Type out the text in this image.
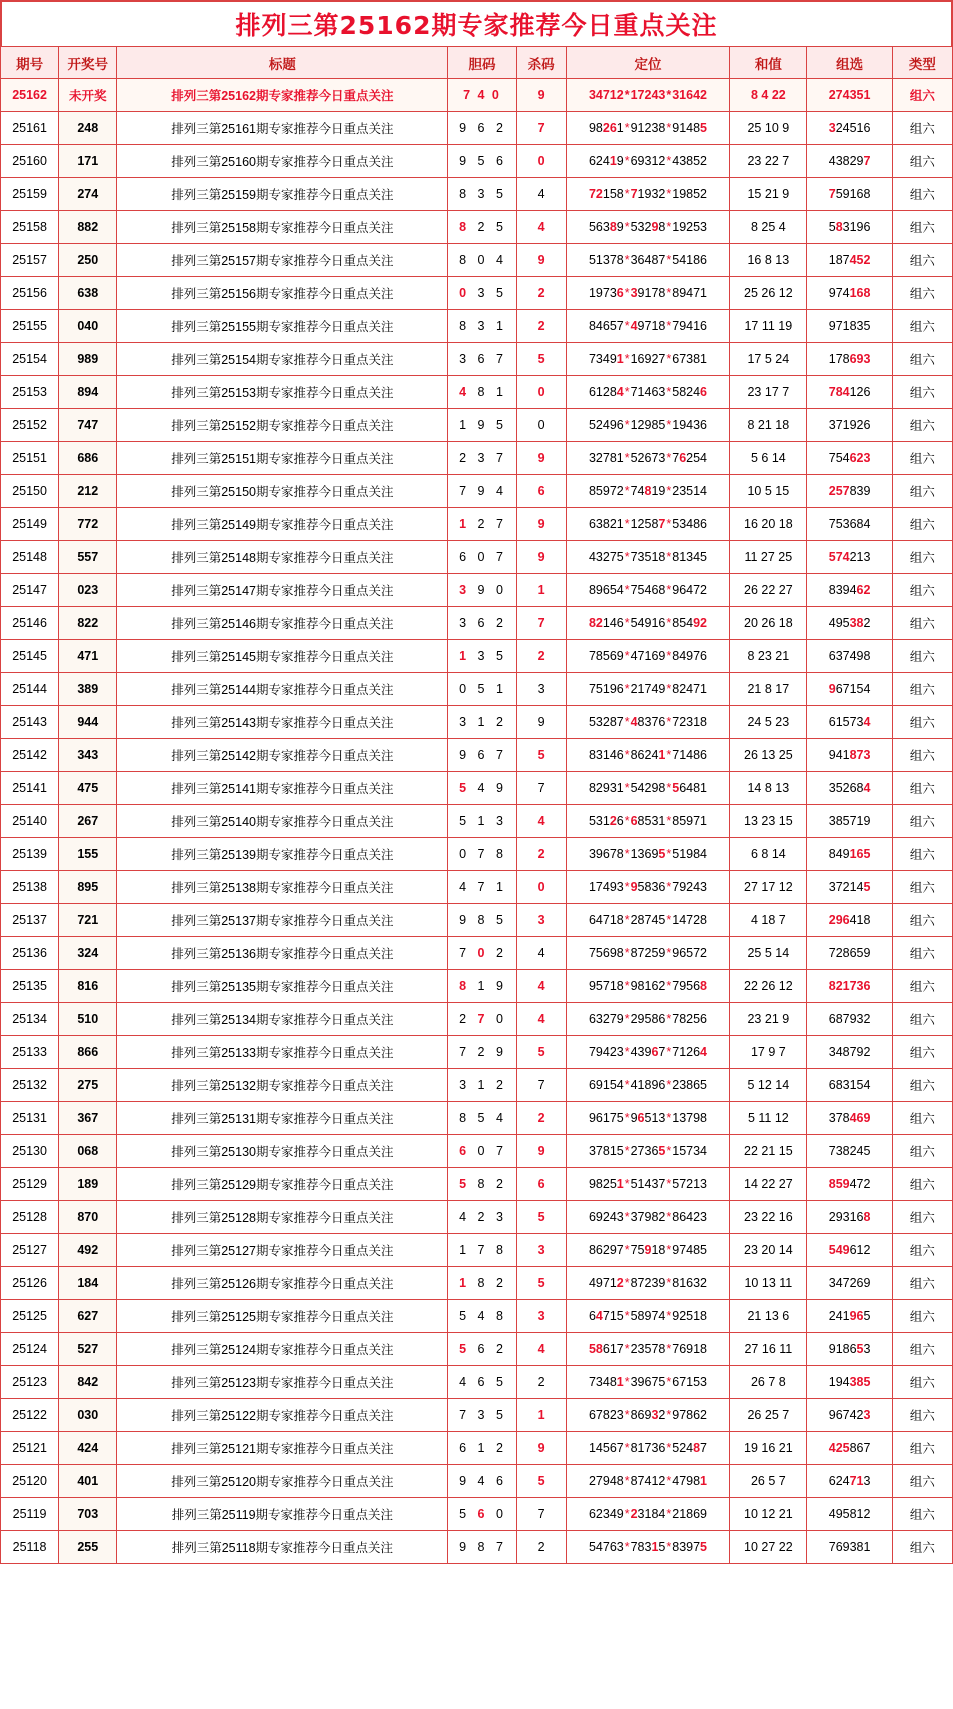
排列三第25162期专家推荐今日重点关注
期号	开奖号	标题	胆码	杀码	定位	和值	组选	类型
25162	未开奖	排列三第25162期专家推荐今日重点关注	7 4 0	9	34712*17243*31642	8 4 22	274351	组六
25161	248	排列三第25161期专家推荐今日重点关注	9 6 2	7	98261*91238*91485	25 10 9	324516	组六
25160	171	排列三第25160期专家推荐今日重点关注	9 5 6	0	62419*69312*43852	23 22 7	438297	组六
25159	274	排列三第25159期专家推荐今日重点关注	8 3 5	4	72158*71932*19852	15 21 9	759168	组六
25158	882	排列三第25158期专家推荐今日重点关注	8 2 5	4	56389*53298*19253	8 25 4	583196	组六
25157	250	排列三第25157期专家推荐今日重点关注	8 0 4	9	51378*36487*54186	16 8 13	187452	组六
25156	638	排列三第25156期专家推荐今日重点关注	0 3 5	2	19736*39178*89471	25 26 12	974168	组六
25155	040	排列三第25155期专家推荐今日重点关注	8 3 1	2	84657*49718*79416	17 11 19	971835	组六
25154	989	排列三第25154期专家推荐今日重点关注	3 6 7	5	73491*16927*67381	17 5 24	178693	组六
25153	894	排列三第25153期专家推荐今日重点关注	4 8 1	0	61284*71463*58246	23 17 7	784126	组六
25152	747	排列三第25152期专家推荐今日重点关注	1 9 5	0	52496*12985*19436	8 21 18	371926	组六
25151	686	排列三第25151期专家推荐今日重点关注	2 3 7	9	32781*52673*76254	5 6 14	754623	组六
25150	212	排列三第25150期专家推荐今日重点关注	7 9 4	6	85972*74819*23514	10 5 15	257839	组六
25149	772	排列三第25149期专家推荐今日重点关注	1 2 7	9	63821*12587*53486	16 20 18	753684	组六
25148	557	排列三第25148期专家推荐今日重点关注	6 0 7	9	43275*73518*81345	11 27 25	574213	组六
25147	023	排列三第25147期专家推荐今日重点关注	3 9 0	1	89654*75468*96472	26 22 27	839462	组六
25146	822	排列三第25146期专家推荐今日重点关注	3 6 2	7	82146*54916*85492	20 26 18	495382	组六
25145	471	排列三第25145期专家推荐今日重点关注	1 3 5	2	78569*47169*84976	8 23 21	637498	组六
25144	389	排列三第25144期专家推荐今日重点关注	0 5 1	3	75196*21749*82471	21 8 17	967154	组六
25143	944	排列三第25143期专家推荐今日重点关注	3 1 2	9	53287*48376*72318	24 5 23	615734	组六
25142	343	排列三第25142期专家推荐今日重点关注	9 6 7	5	83146*86241*71486	26 13 25	941873	组六
25141	475	排列三第25141期专家推荐今日重点关注	5 4 9	7	82931*54298*56481	14 8 13	352684	组六
25140	267	排列三第25140期专家推荐今日重点关注	5 1 3	4	53126*68531*85971	13 23 15	385719	组六
25139	155	排列三第25139期专家推荐今日重点关注	0 7 8	2	39678*13695*51984	6 8 14	849165	组六
25138	895	排列三第25138期专家推荐今日重点关注	4 7 1	0	17493*95836*79243	27 17 12	372145	组六
25137	721	排列三第25137期专家推荐今日重点关注	9 8 5	3	64718*28745*14728	4 18 7	296418	组六
25136	324	排列三第25136期专家推荐今日重点关注	7 0 2	4	75698*87259*96572	25 5 14	728659	组六
25135	816	排列三第25135期专家推荐今日重点关注	8 1 9	4	95718*98162*79568	22 26 12	821736	组六
25134	510	排列三第25134期专家推荐今日重点关注	2 7 0	4	63279*29586*78256	23 21 9	687932	组六
25133	866	排列三第25133期专家推荐今日重点关注	7 2 9	5	79423*43967*71264	17 9 7	348792	组六
25132	275	排列三第25132期专家推荐今日重点关注	3 1 2	7	69154*41896*23865	5 12 14	683154	组六
25131	367	排列三第25131期专家推荐今日重点关注	8 5 4	2	96175*96513*13798	5 11 12	378469	组六
25130	068	排列三第25130期专家推荐今日重点关注	6 0 7	9	37815*27365*15734	22 21 15	738245	组六
25129	189	排列三第25129期专家推荐今日重点关注	5 8 2	6	98251*51437*57213	14 22 27	859472	组六
25128	870	排列三第25128期专家推荐今日重点关注	4 2 3	5	69243*37982*86423	23 22 16	293168	组六
25127	492	排列三第25127期专家推荐今日重点关注	1 7 8	3	86297*75918*97485	23 20 14	549612	组六
25126	184	排列三第25126期专家推荐今日重点关注	1 8 2	5	49712*87239*81632	10 13 11	347269	组六
25125	627	排列三第25125期专家推荐今日重点关注	5 4 8	3	64715*58974*92518	21 13 6	241965	组六
25124	527	排列三第25124期专家推荐今日重点关注	5 6 2	4	58617*23578*76918	27 16 11	918653	组六
25123	842	排列三第25123期专家推荐今日重点关注	4 6 5	2	73481*39675*67153	26 7 8	194385	组六
25122	030	排列三第25122期专家推荐今日重点关注	7 3 5	1	67823*86932*97862	26 25 7	967423	组六
25121	424	排列三第25121期专家推荐今日重点关注	6 1 2	9	14567*81736*52487	19 16 21	425867	组六
25120	401	排列三第25120期专家推荐今日重点关注	9 4 6	5	27948*87412*47981	26 5 7	624713	组六
25119	703	排列三第25119期专家推荐今日重点关注	5 6 0	7	62349*23184*21869	10 12 21	495812	组六
25118	255	排列三第25118期专家推荐今日重点关注	9 8 7	2	54763*78315*83975	10 27 22	769381	组六
